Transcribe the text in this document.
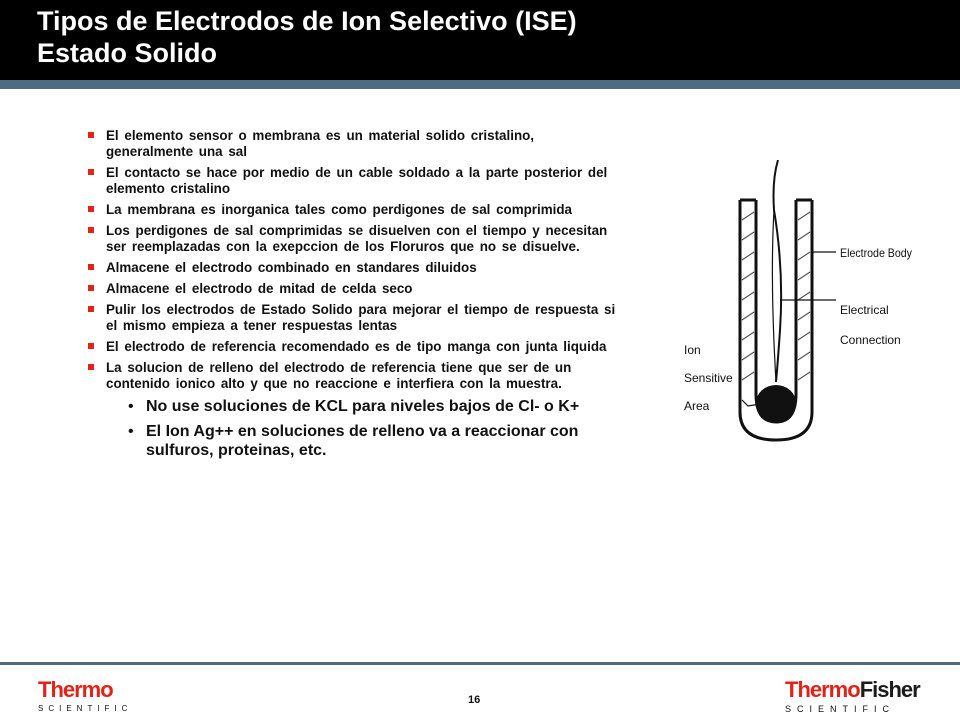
Tipos de Electrodos de Ion Selectivo (ISE)
Estado Solido
El elemento sensor o membrana es un material solido cristalino, generalmente una sal
El contacto se hace por medio de un cable soldado a la parte posterior del elemento cristalino
La membrana es inorganica tales como perdigones de sal comprimida
Los perdigones de sal comprimidas se disuelven con el tiempo y necesitan ser reemplazadas con la exepccion de los Floruros que no se disuelve.
Almacene el electrodo combinado en standares diluidos
Almacene el electrodo de mitad de celda seco
Pulir los electrodos de Estado Solido para mejorar el tiempo de respuesta si el mismo empieza a tener respuestas lentas
El electrodo de referencia recomendado es de tipo manga con junta liquida
La solucion de relleno del electrodo de referencia tiene que ser de un contenido ionico alto y que no reaccione e interfiera con la muestra.
• No use soluciones de KCL para niveles bajos de Cl- o K+
• El Ion Ag++ en soluciones de relleno va a reaccionar con sulfuros, proteinas, etc.
Electrode Body
Electrical
Connection
Ion
Sensitive
Area
Thermo
SCIENTIFIC
16	ThermoFisher
SCIENTIFIC
